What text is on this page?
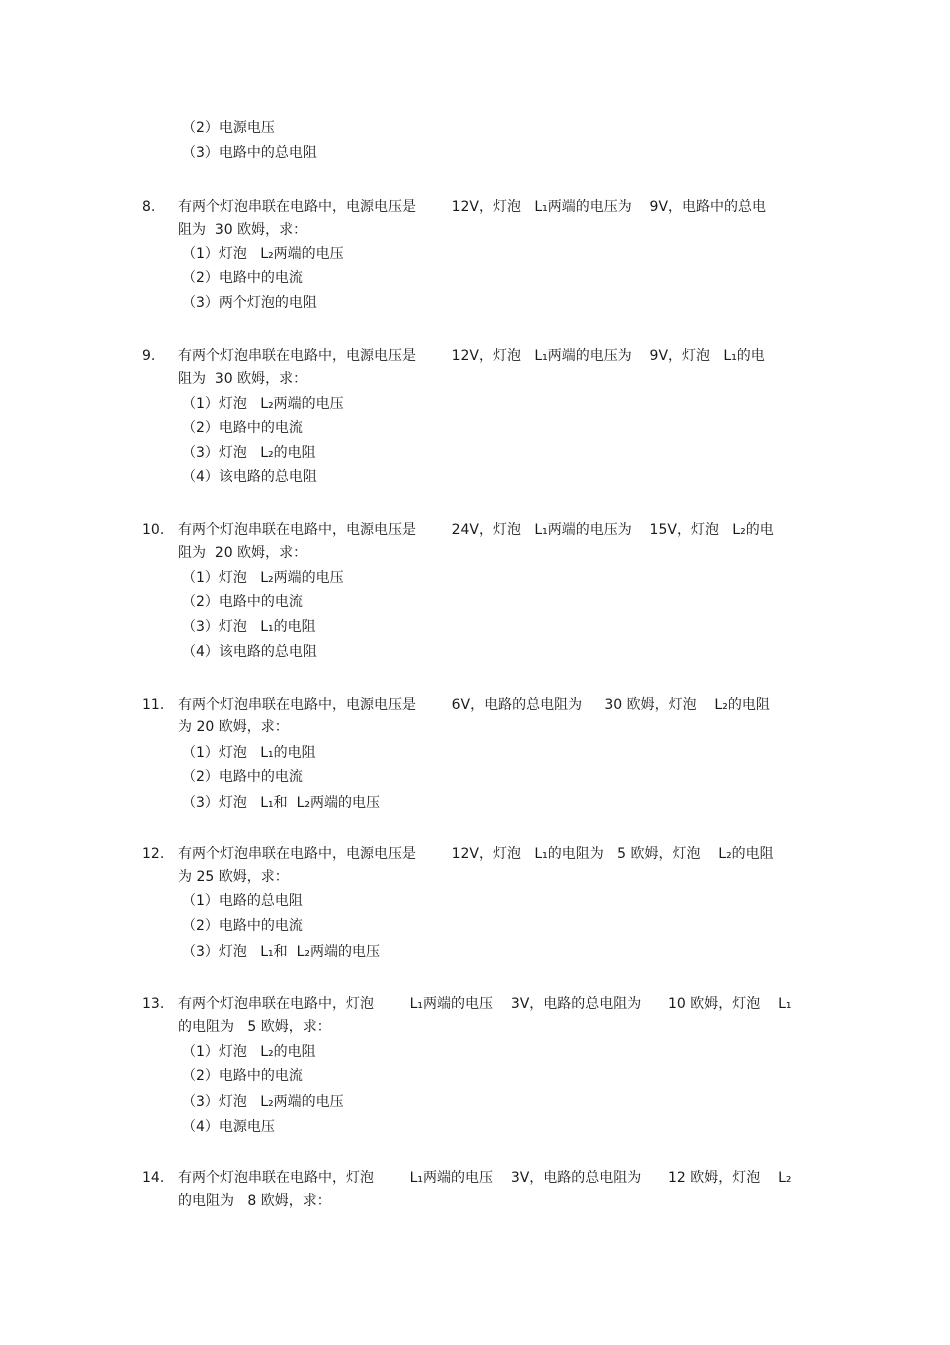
（2）电源电压
（3）电路中的总电阻
8. 有两个灯泡串联在电路中，电源电压是        12V，灯泡   L₁两端的电压为    9V，电路中的总电
阻为  30 欧姆，求：
（1）灯泡   L₂两端的电压
（2）电路中的电流
（3）两个灯泡的电阻
9. 有两个灯泡串联在电路中，电源电压是        12V，灯泡   L₁两端的电压为    9V，灯泡   L₁的电
阻为  30 欧姆，求：
（1）灯泡   L₂两端的电压
（2）电路中的电流
（3）灯泡   L₂的电阻
（4）该电路的总电阻
10. 有两个灯泡串联在电路中，电源电压是        24V，灯泡   L₁两端的电压为    15V，灯泡   L₂的电
阻为  20 欧姆，求：
（1）灯泡   L₂两端的电压
（2）电路中的电流
（3）灯泡   L₁的电阻
（4）该电路的总电阻
11. 有两个灯泡串联在电路中，电源电压是        6V，电路的总电阻为     30 欧姆，灯泡    L₂的电阻
为 20 欧姆，求：
（1）灯泡   L₁的电阻
（2）电路中的电流
（3）灯泡   L₁和  L₂两端的电压
12. 有两个灯泡串联在电路中，电源电压是        12V，灯泡   L₁的电阻为   5 欧姆，灯泡    L₂的电阻
为 25 欧姆，求：
（1）电路的总电阻
（2）电路中的电流
（3）灯泡   L₁和  L₂两端的电压
13. 有两个灯泡串联在电路中，灯泡        L₁两端的电压    3V，电路的总电阻为      10 欧姆，灯泡    L₁
的电阻为   5 欧姆，求：
（1）灯泡   L₂的电阻
（2）电路中的电流
（3）灯泡   L₂两端的电压
（4）电源电压
14. 有两个灯泡串联在电路中，灯泡        L₁两端的电压    3V，电路的总电阻为      12 欧姆，灯泡    L₂
的电阻为   8 欧姆，求：
